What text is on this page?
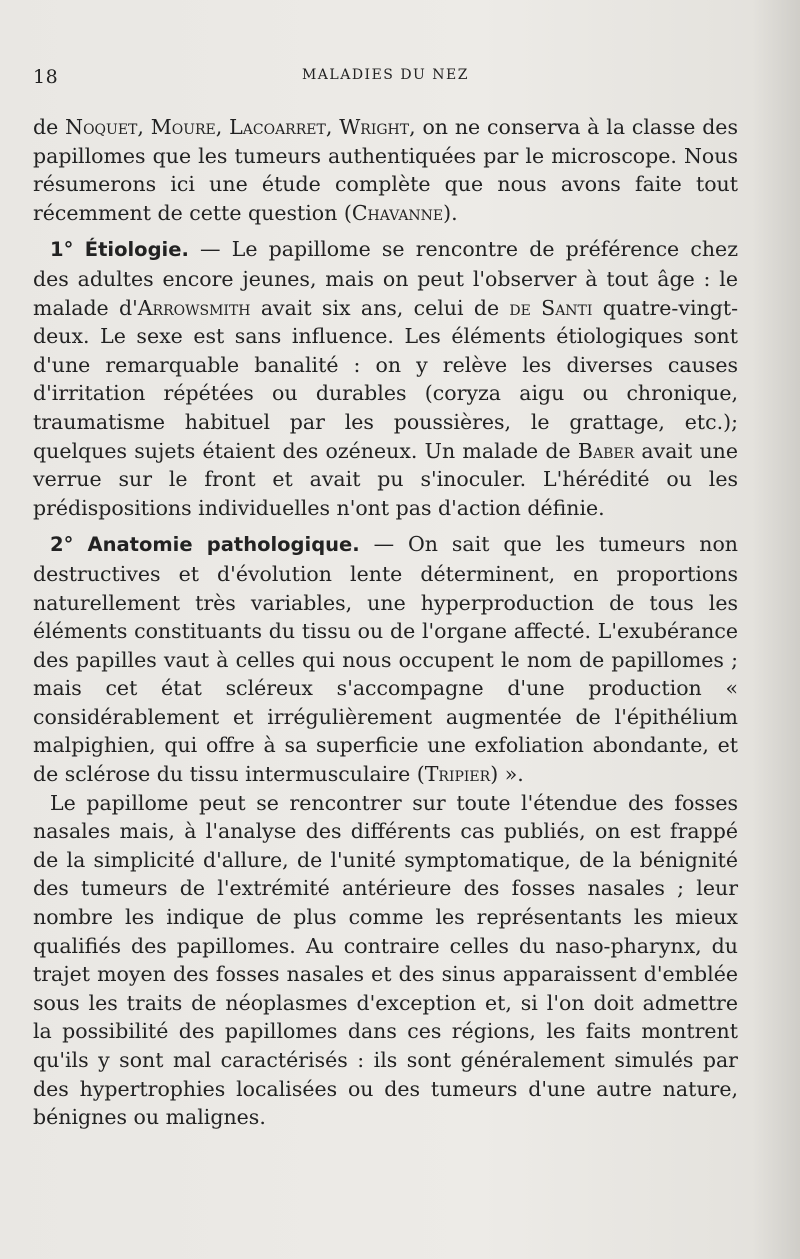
18	MALADIES DU NEZ

de Noquet, Moure, Lacoarret, Wright, on ne conserva à la classe des papillomes que les tumeurs authentiquées par le microscope. Nous résumerons ici une étude complète que nous avons faite tout récemment de cette question (Chavanne).

1° Étiologie. — Le papillome se rencontre de préférence chez des adultes encore jeunes, mais on peut l'observer à tout âge : le malade d'Arrowsmith avait six ans, celui de de Santi quatre-vingt-deux. Le sexe est sans influence. Les éléments étiologiques sont d'une remarquable banalité : on y relève les diverses causes d'irritation répétées ou durables (coryza aigu ou chronique, traumatisme habituel par les poussières, le grattage, etc.); quelques sujets étaient des ozéneux. Un malade de Baber avait une verrue sur le front et avait pu s'inoculer. L'hérédité ou les prédispositions individuelles n'ont pas d'action définie.

2° Anatomie pathologique. — On sait que les tumeurs non destructives et d'évolution lente déterminent, en proportions naturellement très variables, une hyperproduction de tous les éléments constituants du tissu ou de l'organe affecté. L'exubérance des papilles vaut à celles qui nous occupent le nom de papillomes ; mais cet état scléreux s'accompagne d'une production « considérablement et irrégulièrement augmentée de l'épithélium malpighien, qui offre à sa superficie une exfoliation abondante, et de sclérose du tissu intermusculaire (Tripier) ».

Le papillome peut se rencontrer sur toute l'étendue des fosses nasales mais, à l'analyse des différents cas publiés, on est frappé de la simplicité d'allure, de l'unité symptomatique, de la bénignité des tumeurs de l'extrémité antérieure des fosses nasales ; leur nombre les indique de plus comme les représentants les mieux qualifiés des papillomes. Au contraire celles du naso-pharynx, du trajet moyen des fosses nasales et des sinus apparaissent d'emblée sous les traits de néoplasmes d'exception et, si l'on doit admettre la possibilité des papillomes dans ces régions, les faits montrent qu'ils y sont mal caractérisés : ils sont généralement simulés par des hypertrophies localisées ou des tumeurs d'une autre nature, bénignes ou malignes.
